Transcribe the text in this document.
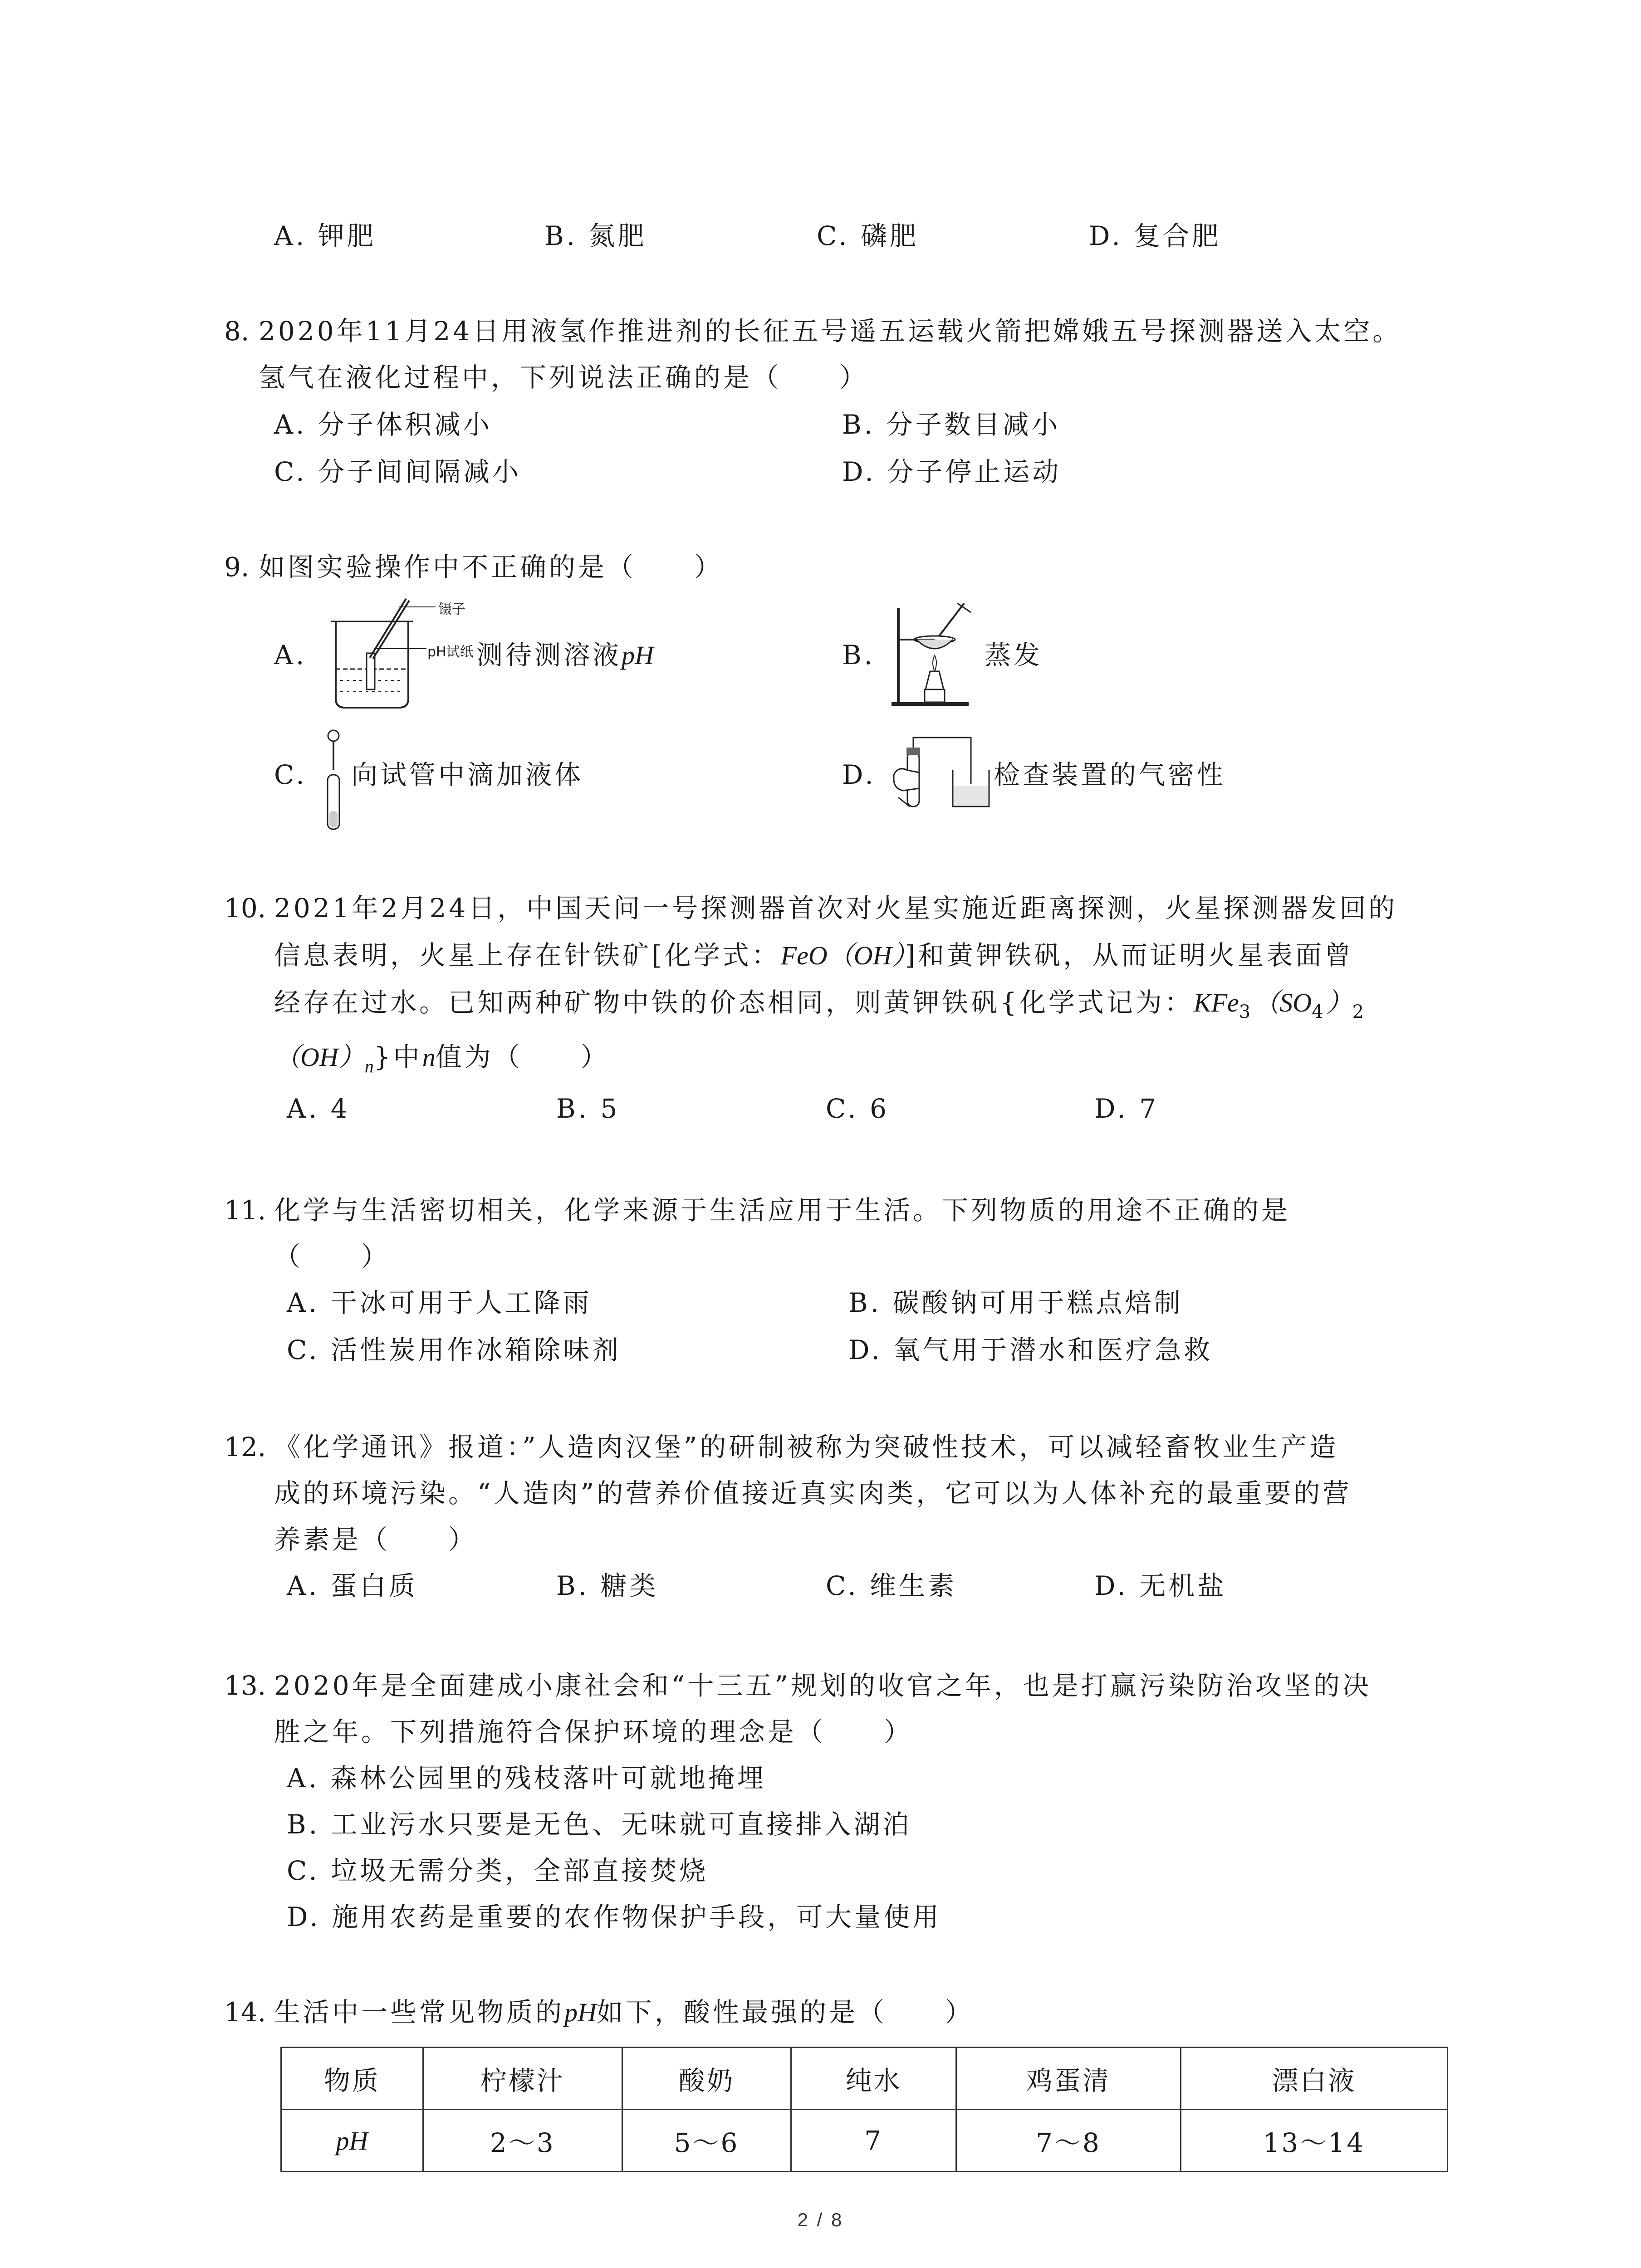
A. 钾肥	B. 氮肥	C. 磷肥	D. 复合肥
8. 2020年11月24日用液氢作推进剂的长征五号遥五运载火箭把嫦娥五号探测器送入太空。
氢气在液化过程中，下列说法正确的是（　　）
A. 分子体积减小	B. 分子数目减小
C. 分子间间隔减小	D. 分子停止运动
9. 如图实验操作中不正确的是（　　）
A.
镊子
pH试纸 测待测溶液pH	B.	蒸发
C. 向试管中滴加液体	D.	检查装置的气密性
10. 2021年2月24日，中国天问一号探测器首次对火星实施近距离探测，火星探测器发回的
信息表明，火星上存在针铁矿[化学式：FeO（OH）]和黄钾铁矾，从而证明火星表面曾
经存在过水。已知两种矿物中铁的价态相同，则黄钾铁矾{化学式记为：$KFe_3(SO_4)_2$
$(OH)_n$}中n值为（　　）
A. 4	B. 5	C. 6	D. 7
11. 化学与生活密切相关，化学来源于生活应用于生活。下列物质的用途不正确的是
（　　）
A. 干冰可用于人工降雨	B. 碳酸钠可用于糕点焙制
C. 活性炭用作冰箱除味剂	D. 氧气用于潜水和医疗急救
12. 《化学通讯》报道：”人造肉汉堡”的研制被称为突破性技术，可以减轻畜牧业生产造
成的环境污染。“人造肉”的营养价值接近真实肉类，它可以为人体补充的最重要的营
养素是（　　）
A. 蛋白质	B. 糖类	C. 维生素	D. 无机盐
13. 2020年是全面建成小康社会和“十三五”规划的收官之年，也是打赢污染防治攻坚的决
胜之年。下列措施符合保护环境的理念是（　　）
A. 森林公园里的残枝落叶可就地掩埋
B. 工业污水只要是无色、无味就可直接排入湖泊
C. 垃圾无需分类，全部直接焚烧
D. 施用农药是重要的农作物保护手段，可大量使用
14. 生活中一些常见物质的pH如下，酸性最强的是（　　）
物质	柠檬汁	酸奶	纯水	鸡蛋清	漂白液
pH	2～3	5～6	7	7～8	13～14
2 / 8
